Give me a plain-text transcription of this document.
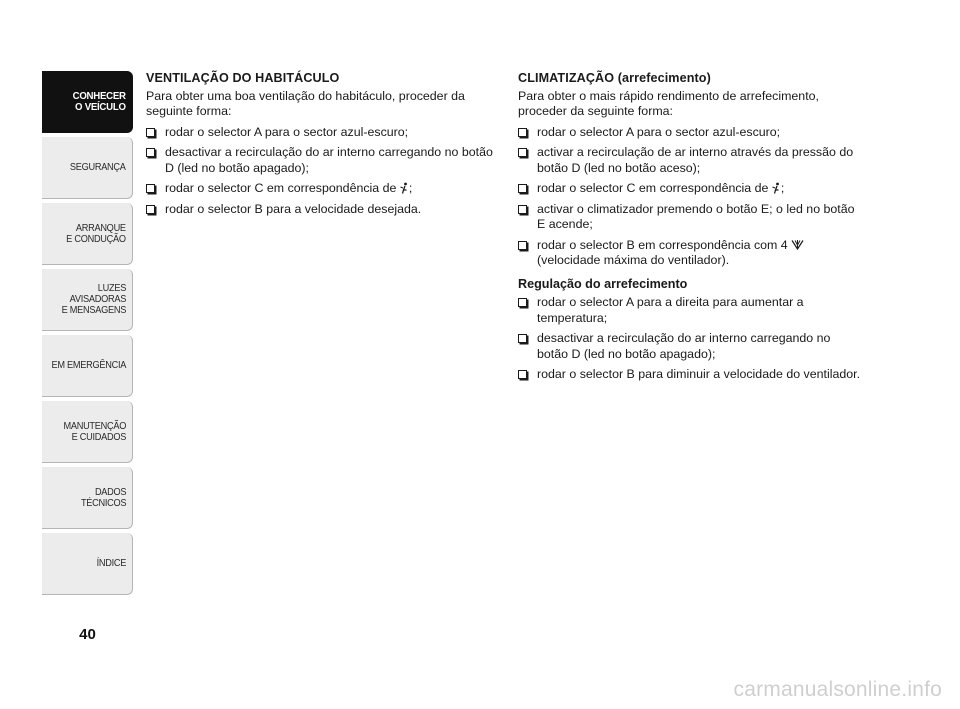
CONHECER
O VEÍCULO
SEGURANÇA
ARRANQUE
E CONDUÇÃO
LUZES
AVISADORAS
E MENSAGENS
EM EMERGÊNCIA
MANUTENÇÃO
E CUIDADOS
DADOS
TÉCNICOS
ÍNDICE
40
VENTILAÇÃO DO HABITÁCULO

Para obter uma boa ventilação do habitáculo, proceder da seguinte forma:

rodar o selector A para o sector azul-escuro;
desactivar a recirculação do ar interno carregando no botão D (led no botão apagado);
rodar o selector C em correspondência de ;
rodar o selector B para a velocidade desejada.
CLIMATIZAÇÃO (arrefecimento)

Para obter o mais rápido rendimento de arrefecimento, proceder da seguinte forma:

rodar o selector A para o sector azul-escuro;
activar a recirculação de ar interno através da pressão do botão D (led no botão aceso);
rodar o selector C em correspondência de ;
activar o climatizador premendo o botão E; o led no botão E acende;
rodar o selector B em correspondência com 4
(velocidade máxima do ventilador).
Regulação do arrefecimento
rodar o selector A para a direita para aumentar a temperatura;
desactivar a recirculação do ar interno carregando no botão D (led no botão apagado);
rodar o selector B para diminuir a velocidade do ventilador.
carmanualsonline.info
